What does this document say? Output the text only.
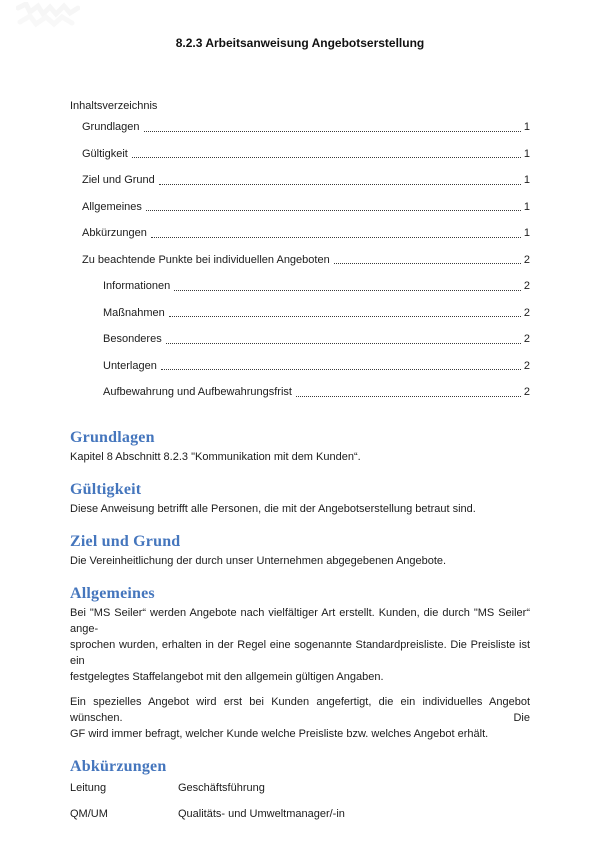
8.2.3 Arbeitsanweisung Angebotserstellung
Inhaltsverzeichnis
Grundlagen	1
Gültigkeit	1
Ziel und Grund	1
Allgemeines	1
Abkürzungen	1
Zu beachtende Punkte bei individuellen Angeboten	2
Informationen	2
Maßnahmen	2
Besonderes	2
Unterlagen	2
Aufbewahrung und Aufbewahrungsfrist	2
Grundlagen

Kapitel 8 Abschnitt 8.2.3 "Kommunikation mit dem Kunden“.

Gültigkeit

Diese Anweisung betrifft alle Personen, die mit der Angebotserstellung betraut sind.

Ziel und Grund

Die Vereinheitlichung der durch unser Unternehmen abgegebenen Angebote.

Allgemeines
Bei "MS Seiler“ werden Angebote nach vielfältiger Art erstellt. Kunden, die durch "MS Seiler“ ange-
sprochen wurden, erhalten in der Regel eine sogenannte Standardpreisliste. Die Preisliste ist ein
festgelegtes Staffelangebot mit den allgemein gültigen Angaben.
Ein spezielles Angebot wird erst bei Kunden angefertigt, die ein individuelles Angebot wünschen. Die
GF wird immer befragt, welcher Kunde welche Preisliste bzw. welches Angebot erhält.
Abkürzungen
Leitung	Geschäftsführung
QM/UM	Qualitäts- und Umweltmanager/-in
